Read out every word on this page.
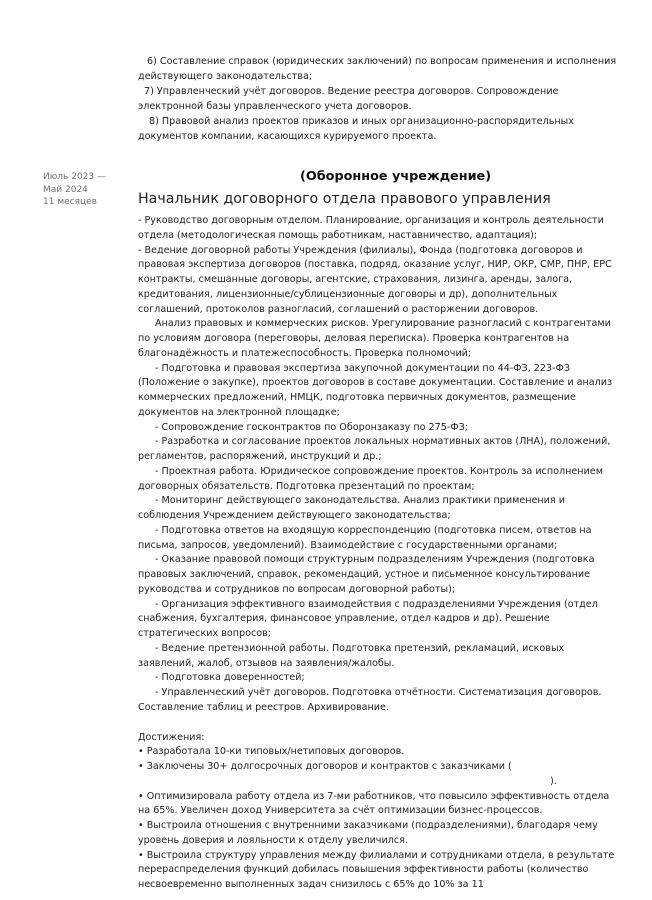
6) Составление справок (юридических заключений) по вопросам применения и исполнения действующего законодательства;

7) Управленческий учёт договоров. Ведение реестра договоров. Сопровождение электронной базы управленческого учета договоров.

8) Правовой анализ проектов приказов и иных организационно-распорядительных документов компании, касающихся курируемого проекта.

Июль 2023 —
Май 2024
11 месяцев
(Оборонное учреждение)
Начальник договорного отдела правового управления

- Руководство договорным отделом. Планирование, организация и контроль деятельности отдела (методологическая помощь работникам, наставничество, адаптация);

- Ведение договорной работы Учреждения (филиалы), Фонда (подготовка договоров и правовая экспертиза договоров (поставка, подряд, оказание услуг, НИР, ОКР, СМР, ПНР, EPC контракты, смешанные договоры, агентские, страхования, лизинга, аренды, залога, кредитования, лицензионные/сублицензионные договоры и др), дополнительных соглашений, протоколов разногласий, соглашений о расторжении договоров.

Анализ правовых и коммерческих рисков. Урегулирование разногласий с контрагентами по условиям договора (переговоры, деловая переписка). Проверка контрагентов на благонадёжность и платежеспособность. Проверка полномочий;

- Подготовка и правовая экспертиза закупочной документации по 44-ФЗ, 223-ФЗ (Положение о закупке), проектов договоров в составе документации. Составление и анализ коммерческих предложений, НМЦК, подготовка первичных документов, размещение документов на электронной площадке;

- Сопровождение госконтрактов по Оборонзаказу по 275-ФЗ;

- Разработка и согласование проектов локальных нормативных актов (ЛНА), положений, регламентов, распоряжений, инструкций и др.;

- Проектная работа. Юридическое сопровождение проектов. Контроль за исполнением договорных обязательств. Подготовка презентаций по проектам;

- Мониторинг действующего законодательства. Анализ практики применения и соблюдения Учреждением действующего законодательства;

- Подготовка ответов на входящую корреспонденцию (подготовка писем, ответов на письма, запросов, уведомлений). Взаимодействие с государственными органами;

- Оказание правовой помощи структурным подразделениям Учреждения (подготовка правовых заключений, справок, рекомендаций, устное и письменное консультирование руководства и сотрудников по вопросам договорной работы);

- Организация эффективного взаимодействия с подразделениями Учреждения (отдел снабжения, бухгалтерия, финансовое управление, отдел кадров и др). Решение стратегических вопросов;

- Ведение претензионной работы. Подготовка претензий, рекламаций, исковых заявлений, жалоб, отзывов на заявления/жалобы.

- Подготовка доверенностей;

- Управленческий учёт договоров. Подготовка отчётности. Систематизация договоров. Составление таблиц и реестров. Архивирование.

Достижения:

• Разработала 10-ки типовых/нетиповых договоров.

• Заключены 30+ долгосрочных договоров и контрактов с заказчиками (
).

• Оптимизировала работу отдела из 7-ми работников, что повысило эффективность отдела на 65%. Увеличен доход Университета за счёт оптимизации бизнес-процессов.

• Выстроила отношения с внутренними заказчиками (подразделениями), благодаря чему уровень доверия и лояльности к отделу увеличился.

• Выстроила структуру управления между филиалами и сотрудниками отдела, в результате перераспределения функций добилась повышения эффективности работы (количество несвоевременно выполненных задач снизилось с 65% до 10% за 11
